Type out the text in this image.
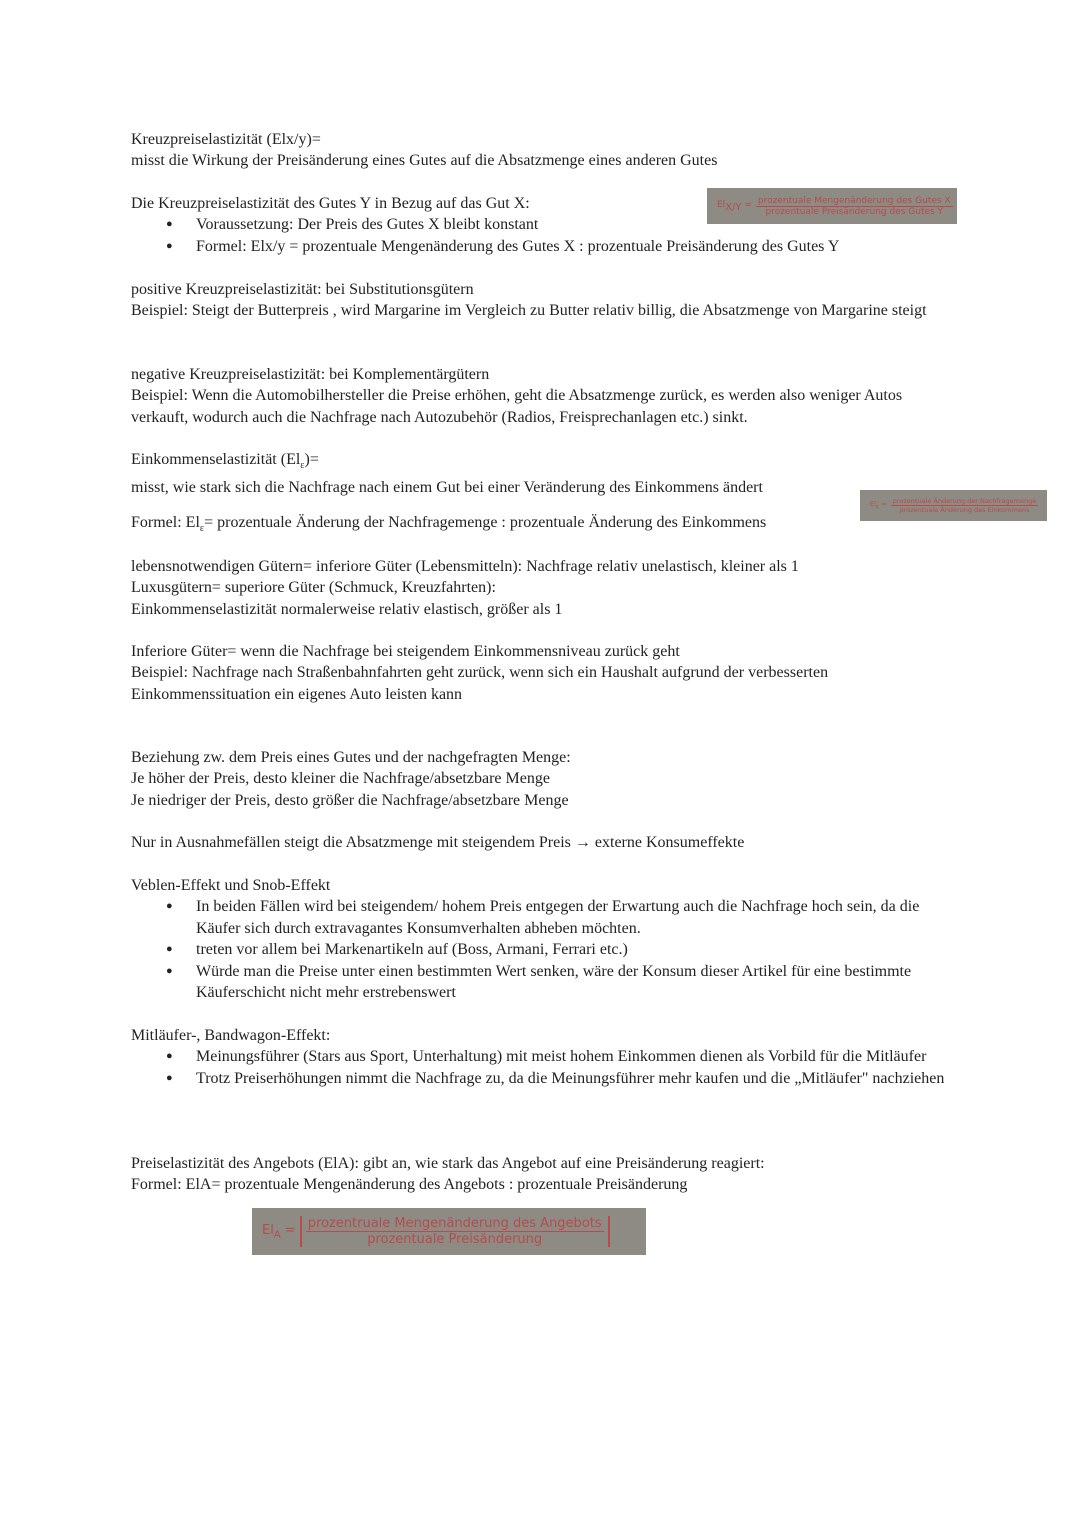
Kreuzpreiselastizität (Elx/y)=

misst die Wirkung der Preisänderung eines Gutes auf die Absatzmenge eines anderen Gutes

Die Kreuzpreiselastizität des Gutes Y in Bezug auf das Gut X:

● Voraussetzung: Der Preis des Gutes X bleibt konstant
● Formel: Elx/y = prozentuale Mengenänderung des Gutes X : prozentuale Preisänderung des Gutes Y

positive Kreuzpreiselastizität: bei Substitutionsgütern

Beispiel: Steigt der Butterpreis , wird Margarine im Vergleich zu Butter relativ billig, die Absatzmenge von Margarine steigt

negative Kreuzpreiselastizität: bei Komplementärgütern

Beispiel: Wenn die Automobilhersteller die Preise erhöhen, geht die Absatzmenge zurück, es werden also weniger Autos verkauft, wodurch auch die Nachfrage nach Autozubehör (Radios, Freisprechanlagen etc.) sinkt.

Einkommenselastizität $(El_\varepsilon)=$

misst, wie stark sich die Nachfrage nach einem Gut bei einer Veränderung des Einkommens ändert

Formel: $El_\varepsilon=$ prozentuale Änderung der Nachfragemenge : prozentuale Änderung des Einkommens

lebensnotwendigen Gütern= inferiore Güter (Lebensmitteln): Nachfrage relativ unelastisch, kleiner als 1

Luxusgütern= superiore Güter (Schmuck, Kreuzfahrten):

Einkommenselastizität normalerweise relativ elastisch, größer als 1

Inferiore Güter= wenn die Nachfrage bei steigendem Einkommensniveau zurück geht

Beispiel: Nachfrage nach Straßenbahnfahrten geht zurück, wenn sich ein Haushalt aufgrund der verbesserten Einkommenssituation ein eigenes Auto leisten kann

Beziehung zw. dem Preis eines Gutes und der nachgefragten Menge:

Je höher der Preis, desto kleiner die Nachfrage/absetzbare Menge

Je niedriger der Preis, desto größer die Nachfrage/absetzbare Menge

Nur in Ausnahmefällen steigt die Absatzmenge mit steigendem Preis → externe Konsumeffekte

Veblen-Effekt und Snob-Effekt

● In beiden Fällen wird bei steigendem/ hohem Preis entgegen der Erwartung auch die Nachfrage hoch sein, da die Käufer sich durch extravagantes Konsumverhalten abheben möchten.
● treten vor allem bei Markenartikeln auf (Boss, Armani, Ferrari etc.)
● Würde man die Preise unter einen bestimmten Wert senken, wäre der Konsum dieser Artikel für eine bestimmte Käuferschicht nicht mehr erstrebenswert

Mitläufer-, Bandwagon-Effekt:

● Meinungsführer (Stars aus Sport, Unterhaltung) mit meist hohem Einkommen dienen als Vorbild für die Mitläufer
● Trotz Preiserhöhungen nimmt die Nachfrage zu, da die Meinungsführer mehr kaufen und die „Mitläufer" nachziehen

Preiselastizität des Angebots (ElA): gibt an, wie stark das Angebot auf eine Preisänderung reagiert:

Formel: ElA= prozentuale Mengenänderung des Angebots : prozentuale Preisänderung

$El_{X/Y} = \frac{\text{prozentuale Mengenänderung des Gutes X}}{\text{prozentuale Preisänderung des Gutes Y}}$
$El_\varepsilon = \frac{\text{prozentuale Änderung der Nachfragemenge}}{\text{prozentuale Änderung des Einkommens}}$
$El_A = \frac{\text{prozentruale Mengenänderung des Angebots}}{\text{prozentuale Preisänderung}}$
